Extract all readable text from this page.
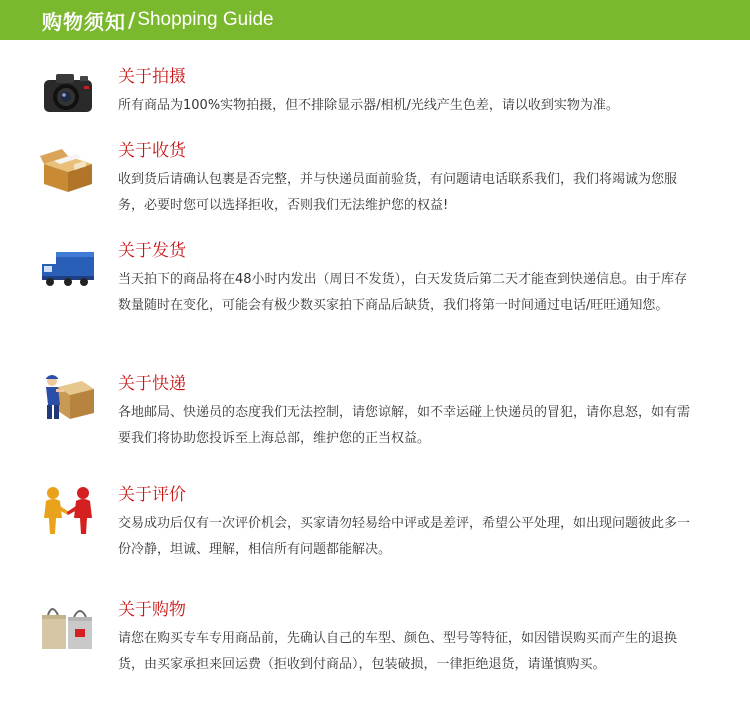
购物须知 / Shopping Guide
关于拍摄
所有商品为100%实物拍摄，但不排除显示器/相机/光线产生色差，请以收到实物为准。
关于收货
收到货后请确认包裹是否完整，并与快递员面前验货，有问题请电话联系我们，我们将竭诚为您服务，必要时您可以选择拒收，否则我们无法维护您的权益!
关于发货
当天拍下的商品将在48小时内发出（周日不发货），白天发货后第二天才能查到快递信息。由于库存数量随时在变化，可能会有极少数买家拍下商品后缺货，我们将第一时间通过电话/旺旺通知您。
关于快递
各地邮局、快递员的态度我们无法控制，请您谅解，如不幸运碰上快递员的冒犯，请你息怒，如有需要我们将协助您投诉至上海总部，维护您的正当权益。
关于评价
交易成功后仅有一次评价机会，买家请勿轻易给中评或是差评，希望公平处理，如出现问题彼此多一份冷静，坦诚、理解，相信所有问题都能解决。
关于购物
请您在购买专车专用商品前，先确认自己的车型、颜色、型号等特征，如因错误购买而产生的退换货，由买家承担来回运费（拒收到付商品），包装破损，一律拒绝退货，请谨慎购买。
